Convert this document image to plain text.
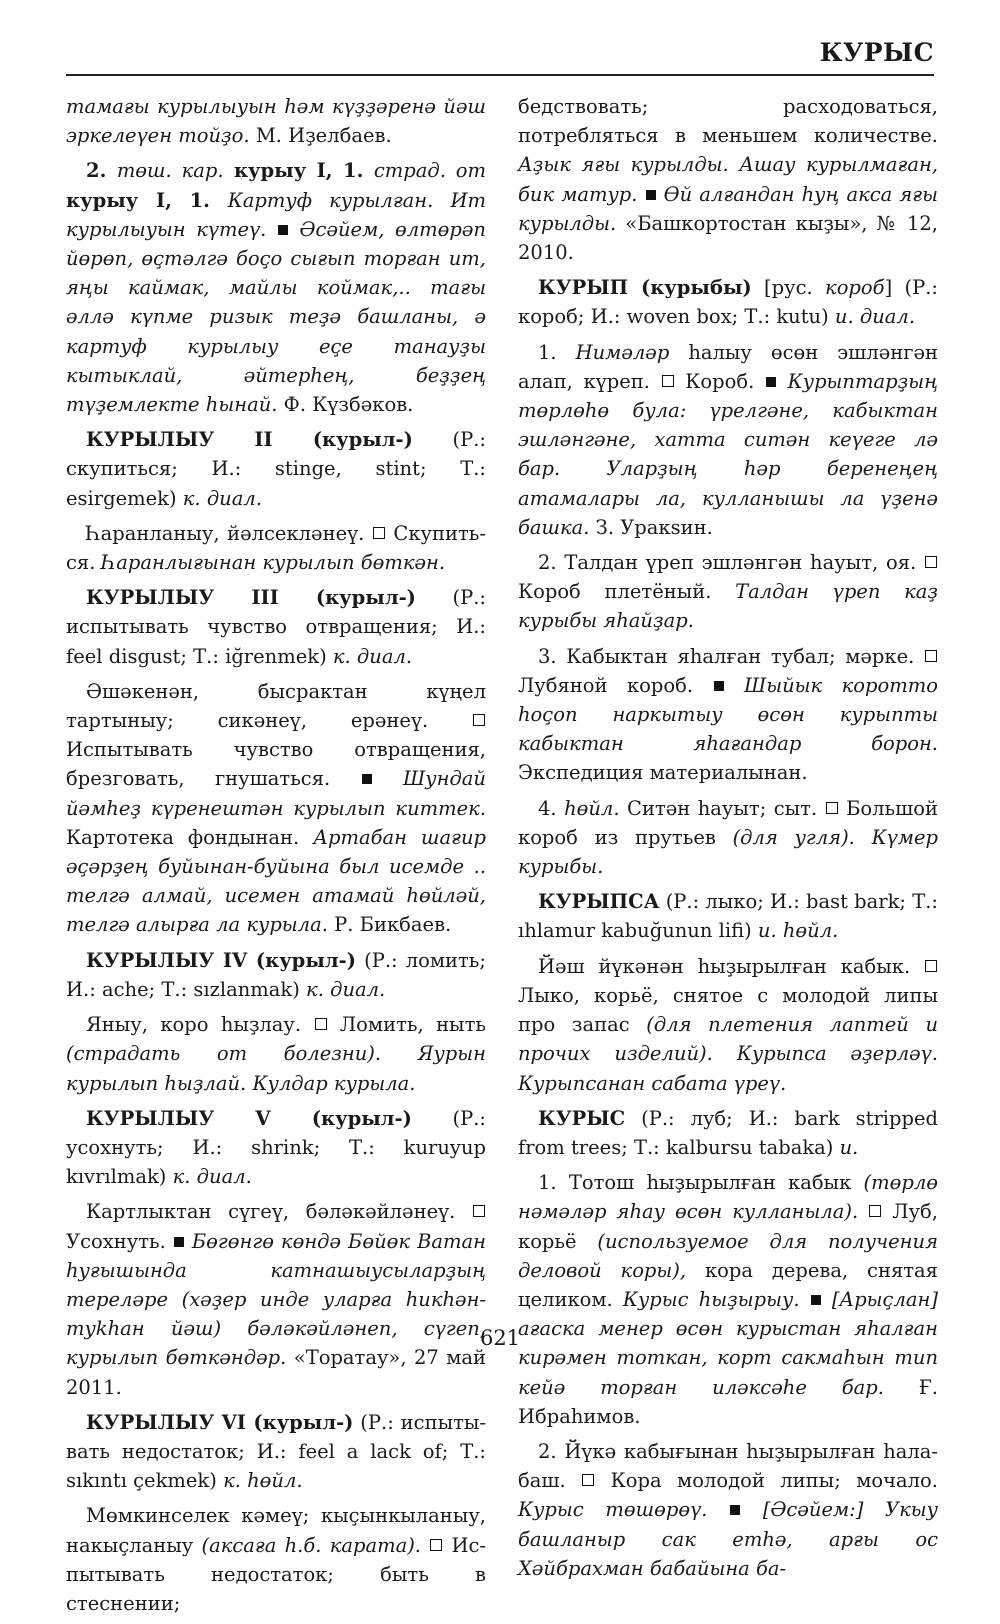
КУРЫС

тамағы курылыуын һәм күҙҙәренә йәш эркелеүен тойҙо. М. Иҙелбаев.

2. төш. кар. курыу I, 1. страд. от курыу I, 1. Картуф курылған. Ит курылыуын күтеү.  Әсәйем, өлтөрәп йөрөп, өҫтәлгә боҫо сығып торған ит, яңы каймак, майлы коймак,.. тағы әллә күпме ризык теҙә башланы, ә картуф курылыу еҫе танауҙы кытыклай, әйтерһең, беҙҙең түҙемлекте һынай. Ф. Күзбәков.

КУРЫЛЫУ II (курыл-) (Р.: скупиться; И.: stinge, stint; Т.: esirgemek) к. диал.

Һаранланыу, йәлсекләнеү.  Скупиться. Һаранлығынан курылып бөткән.

КУРЫЛЫУ III (курыл-) (Р.: испытывать чувство отвращения; И.: feel disgust; Т.: iğrenmek) к. диал.

Әшәкенән, бысрактан күңел тартыныу; сикәнеү, ерәнеү.  Испытывать чувство отвращения, брезговать, гнушаться.  Шундай йәмһеҙ күренештән курылып киттек. Картотека фондынан. Артабан шағир әҫәрҙең буйынан-буйына был исемде .. телгә алмай, исемен атамай һөйләй, телгә алырға ла курыла. Р. Бикбаев.

КУРЫЛЫУ IV (курыл-) (Р.: ломить; И.: ache; Т.: sızlanmak) к. диал.

Яныу, коро һыҙлау.  Ломить, ныть (страдать от болезни). Яурын курылып һыҙлай. Кулдар курыла.

КУРЫЛЫУ V (курыл-) (Р.: усохнуть; И.: shrink; Т.: kuruyup kıvrılmak) к. диал.

Картлыктан сүгеү, бәләкәйләнеү.  Усохнуть.  Бөгөнгө көндә Бөйөк Ватан һуғышында катнашыусыларҙың тереләре (хәҙер инде уларға һикһән-туkһан йәш) бәләкәйләнеп, сүгеп, курылып бөткәндәр. «Торатау», 27 май 2011.

КУРЫЛЫУ VI (курыл-) (Р.: испытывать недостаток; И.: feel a lack of; Т.: sıkıntı çekmek) к. һөйл.

Мөмкинселек кәмеү; кыҫынкыланыу, накыҫланыу (аксаға һ.б. карата).  Испытывать недостаток; быть в стеснении;

бедствовать; расходоваться, потребляться в меньшем количестве. Аҙык яғы курылды. Ашау курылмаған, бик матур.  Өй алғандан һуң акса яғы курылды. «Башкортостан кыҙы», № 12, 2010.

КУРЫП (курыбы) [рус. короб] (Р.: короб; И.: woven box; Т.: kutu) и. диал.

1. Нимәләр һалыу өсөн эшләнгән алап, күреп.  Короб.  Курыптарҙың төрлөһө була: үрелгәне, кабыктан эшләнгәне, хатта ситән кеүеге лә бар. Уларҙың һәр беренеңең атамалары ла, кулланышы ла үҙенә башка. З. Уракsин.

2. Талдан үреп эшләнгән һауыт, оя.  Короб плетёный. Талдан үреп каҙ курыбы яһайҙар.

3. Кабыктан яһалған тубал; мәрке.  Лубяной короб.  Шыйык коротто һоҫоп наркытыу өсөн курыпты кабыктан яһағандар борон. Экспедиция материалынан.

4. һөйл. Ситән һауыт; сыт.  Большой короб из прутьев (для угля). Күмер курыбы.

КУРЫПСА (Р.: лыко; И.: bast bark; Т.: ıhlamur kabuğunun lifi) и. һөйл.

Йәш йүкәнән һыҙырылған кабык.  Лыко, корьё, снятое с молодой липы про запас (для плетения лаптей и прочих изделий). Курыпса әҙерләү. Курыпсанан сабата үреү.

КУРЫС (Р.: луб; И.: bark stripped from trees; Т.: kalbursu tabaka) и.

1. Тотош һыҙырылған кабык (төрлө нәмәләр яһау өсөн кулланыла).  Луб, корьё (используемое для получения деловой коры), кора дерева, снятая целиком. Курыс һыҙырыу.  [Арыҫлан] ағаска менер өсөн курыстан яһалған кирәмен тоткан, корт сакмаһын тип кейә торған иләксәһе бар. Ғ. Ибраһимов.

2. Йүкә кабығынан һыҙырылған һалабаш.  Кора молодой липы; мочало. Курыс төшөрөү.  [Әсәйем:] Укыу башланыр сак етһә, арғы ос Хәйбрахман бабайына ба-

621
